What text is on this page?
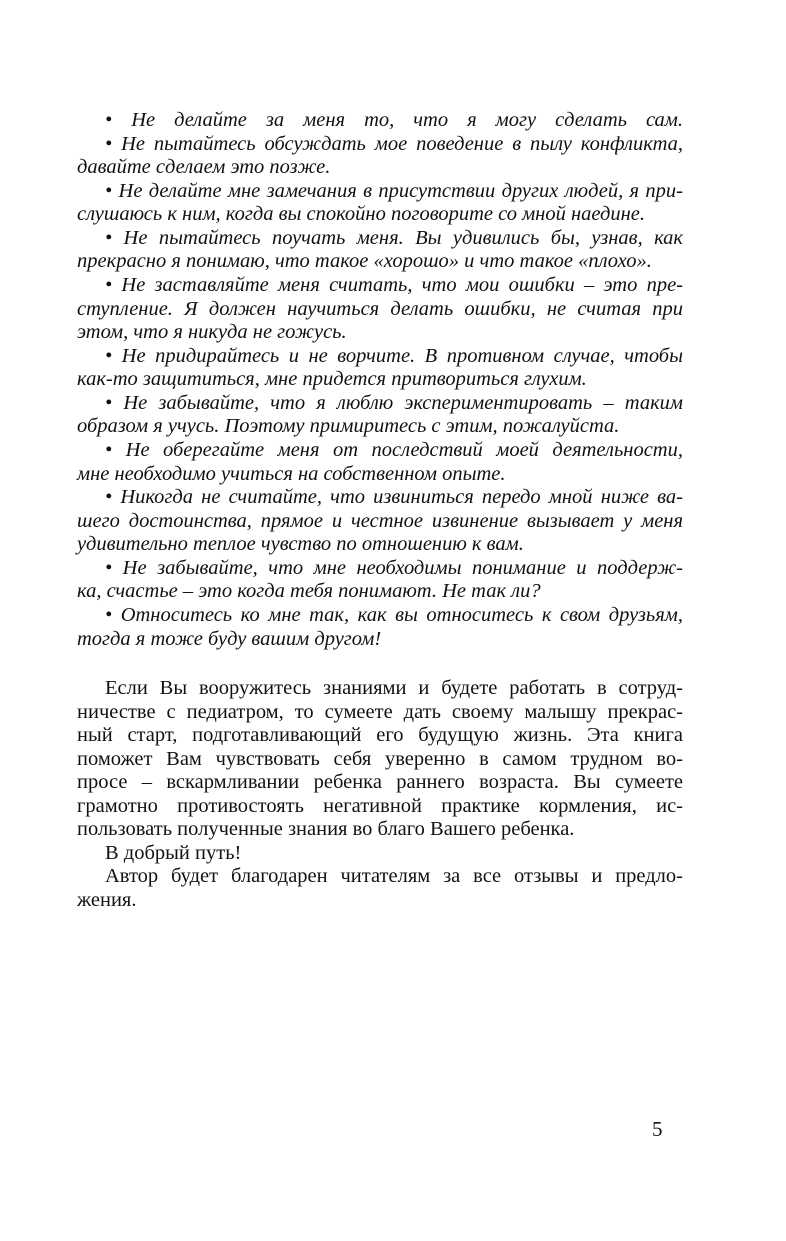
• Не делайте за меня то, что я могу сделать сам.
• Не пытайтесь обсуждать мое поведение в пылу конфликта,
давайте сделаем это позже.
• Не делайте мне замечания в присутствии других людей, я при-
слушаюсь к ним, когда вы спокойно поговорите со мной наедине.
• Не пытайтесь поучать меня. Вы удивились бы, узнав, как
прекрасно я понимаю, что такое «хорошо» и что такое «плохо».
• Не заставляйте меня считать, что мои ошибки – это пре-
ступление. Я должен научиться делать ошибки, не считая при
этом, что я никуда не гожусь.
• Не придирайтесь и не ворчите. В противном случае, чтобы
как-то защититься, мне придется притвориться глухим.
• Не забывайте, что я люблю экспериментировать – таким
образом я учусь. Поэтому примиритесь с этим, пожалуйста.
• Не оберегайте меня от последствий моей деятельности,
мне необходимо учиться на собственном опыте.
• Никогда не считайте, что извиниться передо мной ниже ва-
шего достоинства, прямое и честное извинение вызывает у меня
удивительно теплое чувство по отношению к вам.
• Не забывайте, что мне необходимы понимание и поддерж-
ка, счастье – это когда тебя понимают. Не так ли?
• Относитесь ко мне так, как вы относитесь к свом друзьям,
тогда я тоже буду вашим другом!
Если Вы вооружитесь знаниями и будете работать в сотруд-
ничестве с педиатром, то сумеете дать своему малышу прекрас-
ный старт, подготавливающий его будущую жизнь. Эта книга
поможет Вам чувствовать себя уверенно в самом трудном во-
просе – вскармливании ребенка раннего возраста. Вы сумеете
грамотно противостоять негативной практике кормления, ис-
пользовать полученные знания во благо Вашего ребенка.
В добрый путь!
Автор будет благодарен читателям за все отзывы и предло-
жения.
5
